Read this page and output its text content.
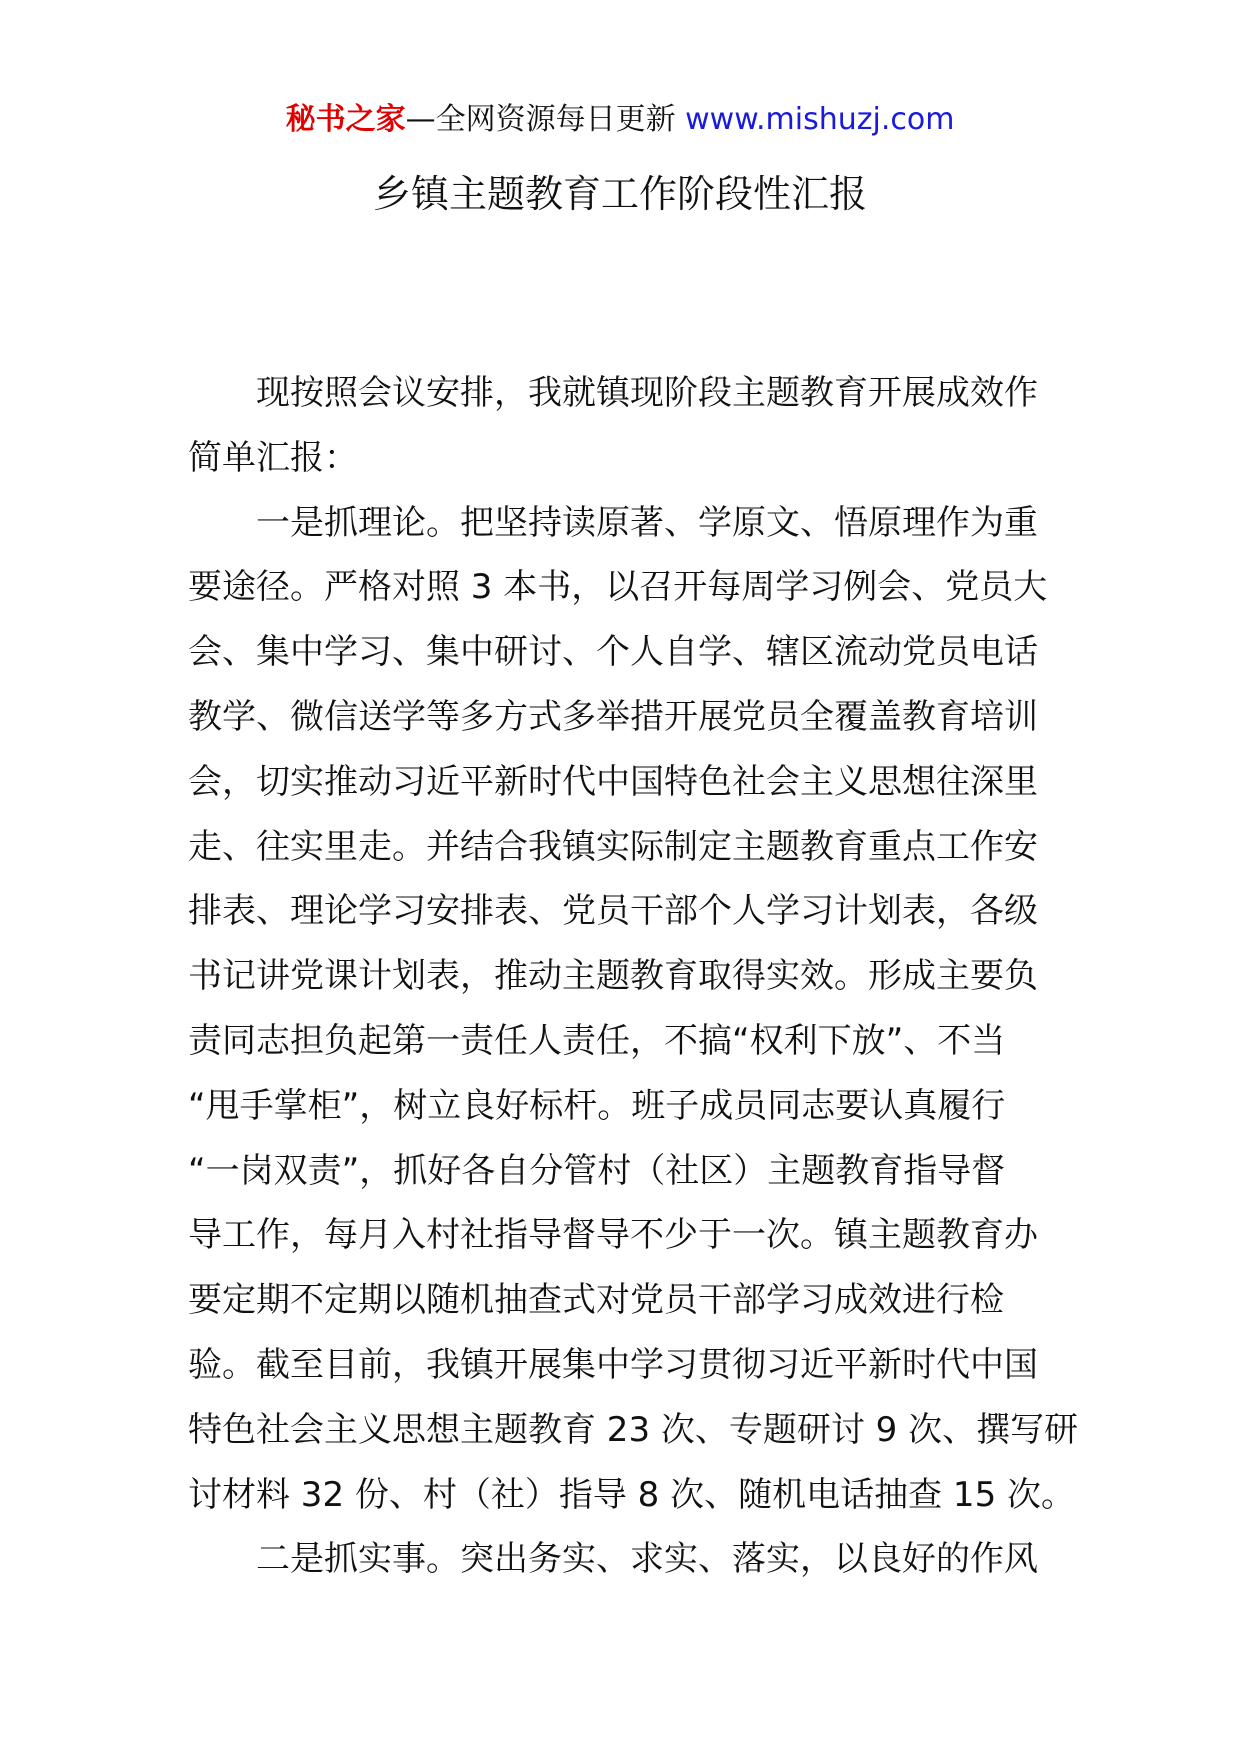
秘书之家—全网资源每日更新 www.mishuzj.com
乡镇主题教育工作阶段性汇报
现按照会议安排，我就镇现阶段主题教育开展成效作
简单汇报：
一是抓理论。把坚持读原著、学原文、悟原理作为重
要途径。严格对照 3 本书，以召开每周学习例会、党员大
会、集中学习、集中研讨、个人自学、辖区流动党员电话
教学、微信送学等多方式多举措开展党员全覆盖教育培训
会，切实推动习近平新时代中国特色社会主义思想往深里
走、往实里走。并结合我镇实际制定主题教育重点工作安
排表、理论学习安排表、党员干部个人学习计划表，各级
书记讲党课计划表，推动主题教育取得实效。形成主要负
责同志担负起第一责任人责任，不搞“权利下放”、不当
“甩手掌柜”，树立良好标杆。班子成员同志要认真履行
“一岗双责”，抓好各自分管村（社区）主题教育指导督
导工作，每月入村社指导督导不少于一次。镇主题教育办
要定期不定期以随机抽查式对党员干部学习成效进行检
验。截至目前，我镇开展集中学习贯彻习近平新时代中国
特色社会主义思想主题教育 23 次、专题研讨 9 次、撰写研
讨材料 32 份、村（社）指导 8 次、随机电话抽查 15 次。
二是抓实事。突出务实、求实、落实，以良好的作风
